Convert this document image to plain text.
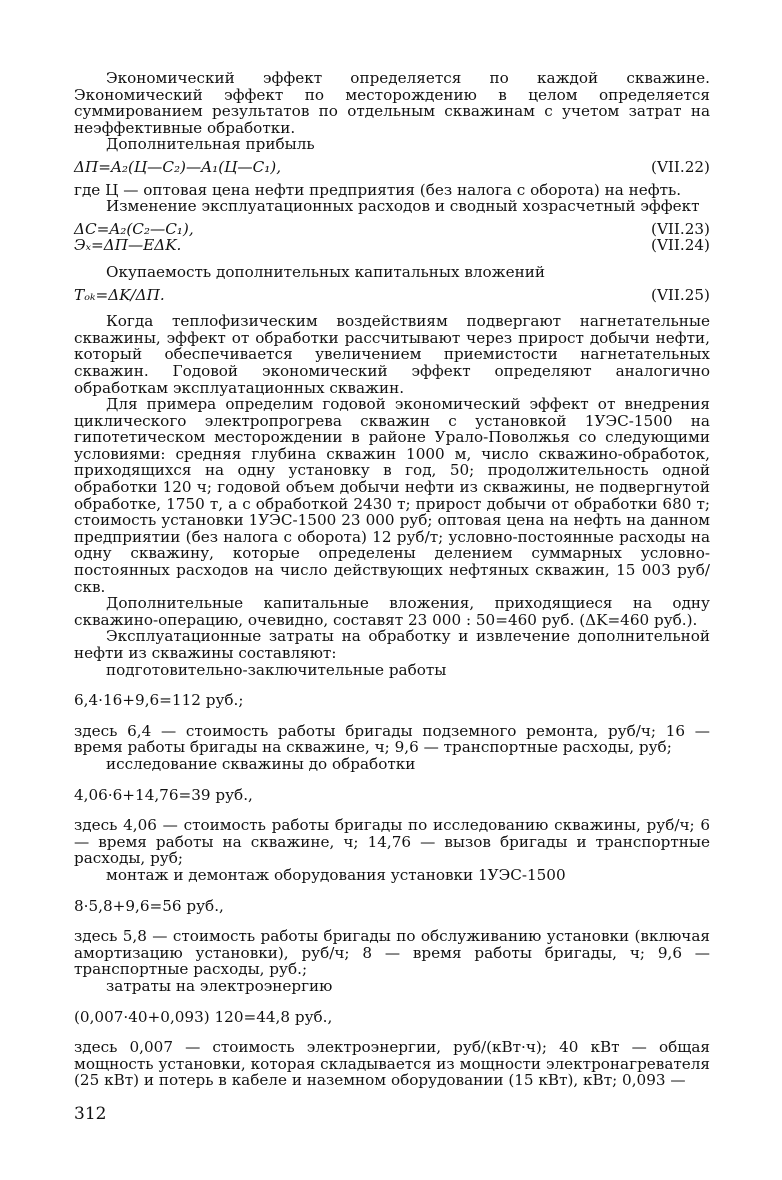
Экономический эффект определяется по каждой скважине. Экономический эффект по месторождению в целом определяется суммированием результатов по отдельным скважинам с учетом затрат на неэффективные обработки.

Дополнительная прибыль

ΔП=A₂(Ц—C₂)—A₁(Ц—C₁),	(VII.22)

где Ц — оптовая цена нефти предприятия (без налога с оборота) на нефть.

Изменение эксплуатационных расходов и сводный хозрасчетный эффект

ΔC=A₂(C₂—C₁),	(VII.23)
Эₓ=ΔП—EΔK.	(VII.24)

Окупаемость дополнительных капитальных вложений

Tₒₖ=ΔK/ΔП.	(VII.25)

Когда теплофизическим воздействиям подвергают нагнетательные скважины, эффект от обработки рассчитывают через прирост добычи нефти, который обеспечивается увеличением приемистости нагнетательных скважин. Годовой экономический эффект определяют аналогично обработкам эксплуатационных скважин.

Для примера определим годовой экономический эффект от внедрения циклического электропрогрева скважин с установкой 1УЭС-1500 на гипотетическом месторождении в районе Урало-Поволжья со следующими условиями: средняя глубина скважин 1000 м, число скважино-обработок, приходящихся на одну установку в год, 50; продолжительность одной обработки 120 ч; годовой объем добычи нефти из скважины, не подвергнутой обработке, 1750 т, а с обработкой 2430 т; прирост добычи от обработки 680 т; стоимость установки 1УЭС-1500 23 000 руб; оптовая цена на нефть на данном предприятии (без налога с оборота) 12 руб/т; условно-постоянные расходы на одну скважину, которые определены делением суммарных условно-постоянных расходов на число действующих нефтяных скважин, 15 003 руб/скв.

Дополнительные капитальные вложения, приходящиеся на одну скважино-операцию, очевидно, составят 23 000 : 50=460 руб. (ΔK=460 руб.).

Эксплуатационные затраты на обработку и извлечение дополнительной нефти из скважины составляют:

подготовительно-заключительные работы

6,4·16+9,6=112 руб.;

здесь 6,4 — стоимость работы бригады подземного ремонта, руб/ч; 16 — время работы бригады на скважине, ч; 9,6 — транспортные расходы, руб;

исследование скважины до обработки

4,06·6+14,76=39 руб.,

здесь 4,06 — стоимость работы бригады по исследованию скважины, руб/ч; 6 — время работы на скважине, ч; 14,76 — вызов бригады и транспортные расходы, руб;

монтаж и демонтаж оборудования установки 1УЭС-1500

8·5,8+9,6=56 руб.,

здесь 5,8 — стоимость работы бригады по обслуживанию установки (включая амортизацию установки), руб/ч; 8 — время работы бригады, ч; 9,6 — транспортные расходы, руб.;

затраты на электроэнергию

(0,007·40+0,093) 120=44,8 руб.,

здесь 0,007 — стоимость электроэнергии, руб/(кВт·ч); 40 кВт — общая мощность установки, которая складывается из мощности электронагревателя (25 кВт) и потерь в кабеле и наземном оборудовании (15 кВт), кВт; 0,093 —

312
